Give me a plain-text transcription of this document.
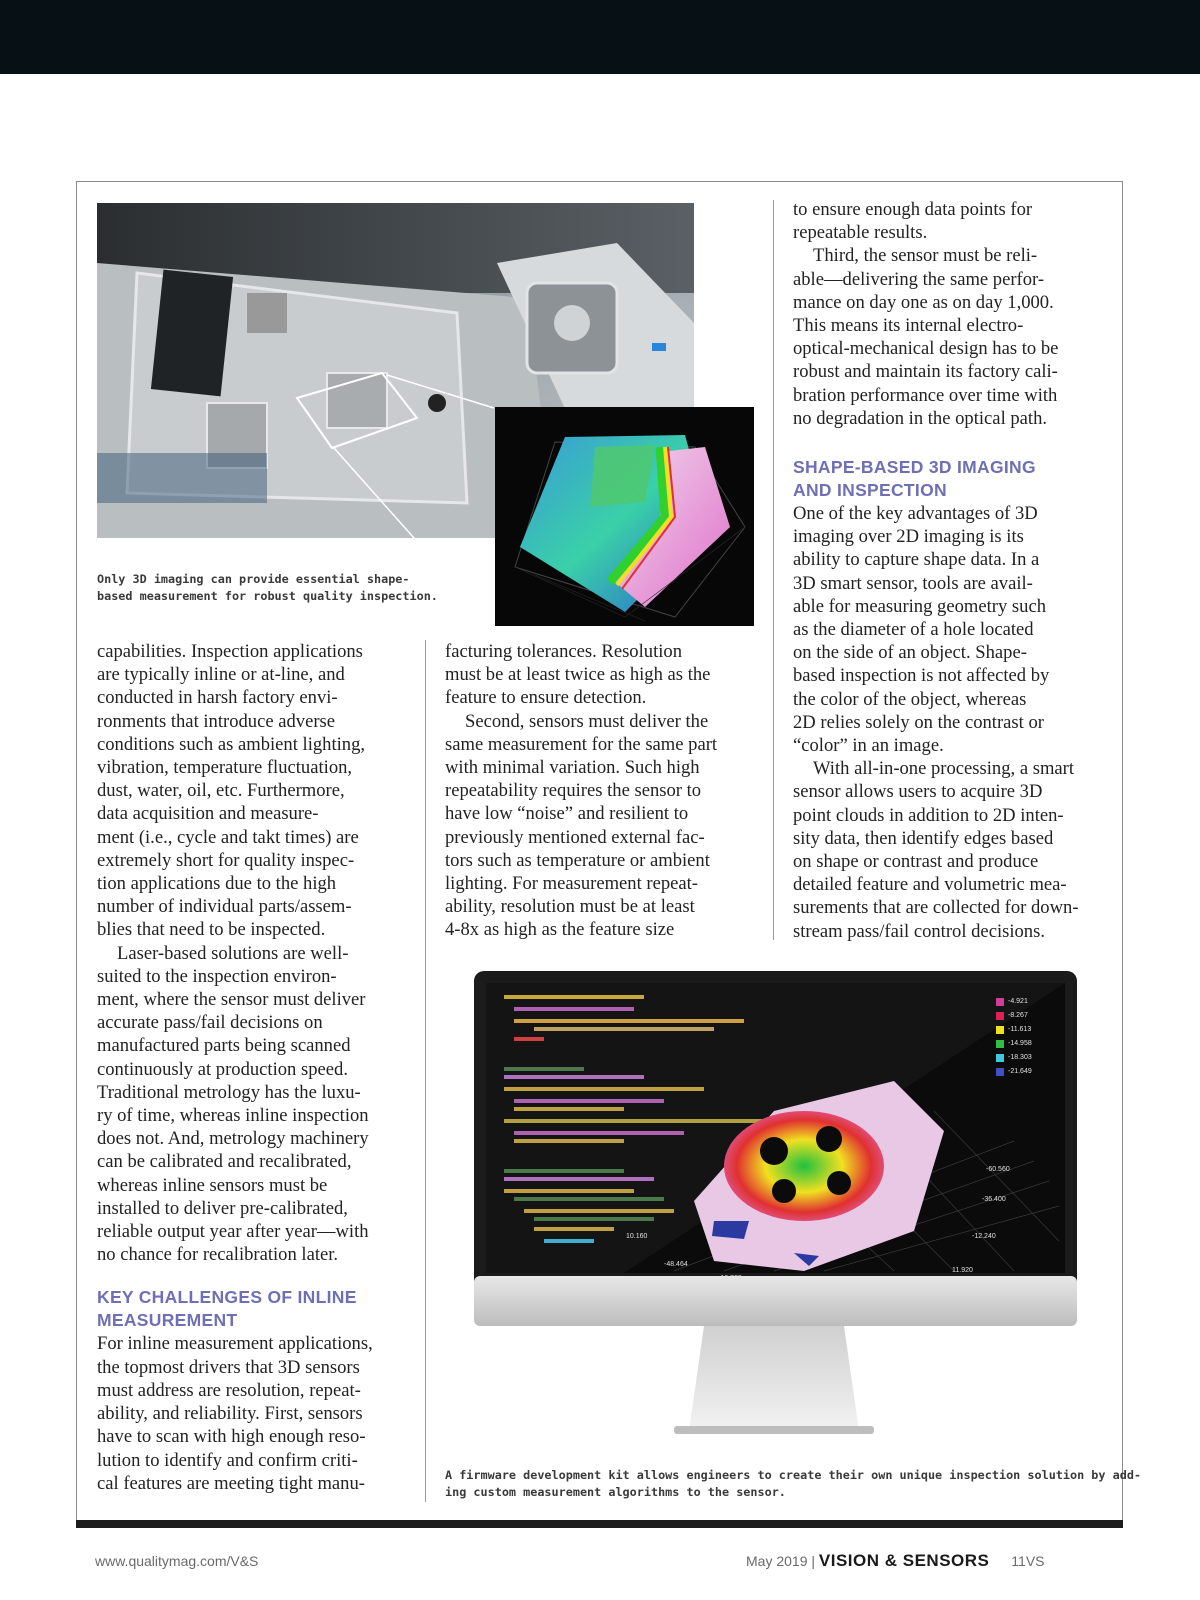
Only 3D imaging can provide essential shape-
based measurement for robust quality inspection.

capabilities. Inspection applications
are typically inline or at-line, and
conducted in harsh factory envi-
ronments that introduce adverse
conditions such as ambient lighting,
vibration, temperature fluctuation,
dust, water, oil, etc. Furthermore,
data acquisition and measure-
ment (i.e., cycle and takt times) are
extremely short for quality inspec-
tion applications due to the high
number of individual parts/assem-
blies that need to be inspected.

Laser-based solutions are well-
suited to the inspection environ-
ment, where the sensor must deliver
accurate pass/fail decisions on
manufactured parts being scanned
continuously at production speed.
Traditional metrology has the luxu-
ry of time, whereas inline inspection
does not. And, metrology machinery
can be calibrated and recalibrated,
whereas inline sensors must be
installed to deliver pre-calibrated,
reliable output year after year—with
no chance for recalibration later.

KEY CHALLENGES OF INLINE
MEASUREMENT

For inline measurement applications,
the topmost drivers that 3D sensors
must address are resolution, repeat-
ability, and reliability. First, sensors
have to scan with high enough reso-
lution to identify and confirm criti-
cal features are meeting tight manu-

facturing tolerances. Resolution
must be at least twice as high as the
feature to ensure detection.

Second, sensors must deliver the
same measurement for the same part
with minimal variation. Such high
repeatability requires the sensor to
have low “noise” and resilient to
previously mentioned external fac-
tors such as temperature or ambient
lighting. For measurement repeat-
ability, resolution must be at least
4-8x as high as the feature size

to ensure enough data points for
repeatable results.

Third, the sensor must be reli-
able—delivering the same perfor-
mance on day one as on day 1,000.
This means its internal electro-
optical-mechanical design has to be
robust and maintain its factory cali-
bration performance over time with
no degradation in the optical path.

SHAPE-BASED 3D IMAGING
AND INSPECTION

One of the key advantages of 3D
imaging over 2D imaging is its
ability to capture shape data. In a
3D smart sensor, tools are avail-
able for measuring geometry such
as the diameter of a hole located
on the side of an object. Shape-
based inspection is not affected by
the color of the object, whereas
2D relies solely on the contrast or
“color” in an image.

With all-in-one processing, a smart
sensor allows users to acquire 3D
point clouds in addition to 2D inten-
sity data, then identify edges based
on shape or contrast and produce
detailed feature and volumetric mea-
surements that are collected for down-
stream pass/fail control decisions.

-4.921
-8.267
-11.613
-14.958
-18.303
-21.649
-60.560
-36.400
-12.240
11.920
-48.464
-16.768
10.160
A firmware development kit allows engineers to create their own unique inspection solution by add-
ing custom measurement algorithms to the sensor.
www.qualitymag.com/V&S	May 2019 | VISION & SENSORS 11VS
